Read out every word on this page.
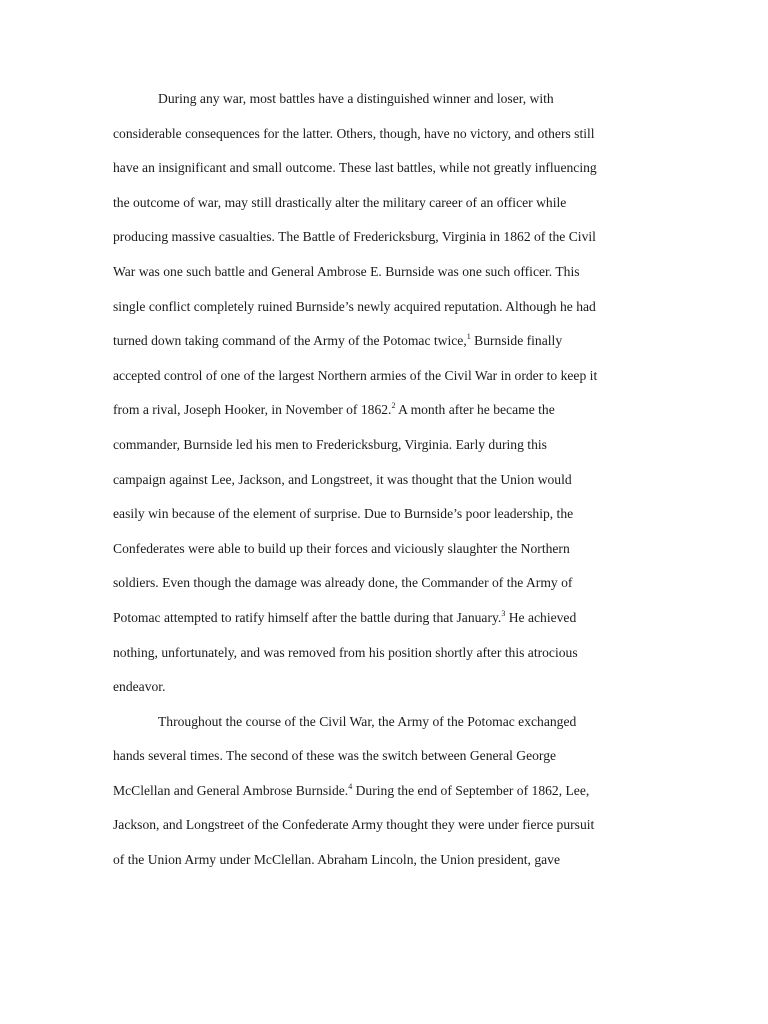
During any war, most battles have a distinguished winner and loser, with
considerable consequences for the latter. Others, though, have no victory, and others still
have an insignificant and small outcome. These last battles, while not greatly influencing
the outcome of war, may still drastically alter the military career of an officer while
producing massive casualties. The Battle of Fredericksburg, Virginia in 1862 of the Civil
War was one such battle and General Ambrose E. Burnside was one such officer. This
single conflict completely ruined Burnside’s newly acquired reputation. Although he had
turned down taking command of the Army of the Potomac twice,$^1$ Burnside finally
accepted control of one of the largest Northern armies of the Civil War in order to keep it
from a rival, Joseph Hooker, in November of 1862.$^2$ A month after he became the
commander, Burnside led his men to Fredericksburg, Virginia. Early during this
campaign against Lee, Jackson, and Longstreet, it was thought that the Union would
easily win because of the element of surprise. Due to Burnside’s poor leadership, the
Confederates were able to build up their forces and viciously slaughter the Northern
soldiers. Even though the damage was already done, the Commander of the Army of
Potomac attempted to ratify himself after the battle during that January.$^3$ He achieved
nothing, unfortunately, and was removed from his position shortly after this atrocious
endeavor.
Throughout the course of the Civil War, the Army of the Potomac exchanged
hands several times. The second of these was the switch between General George
McClellan and General Ambrose Burnside.$^4$ During the end of September of 1862, Lee,
Jackson, and Longstreet of the Confederate Army thought they were under fierce pursuit
of the Union Army under McClellan. Abraham Lincoln, the Union president, gave
